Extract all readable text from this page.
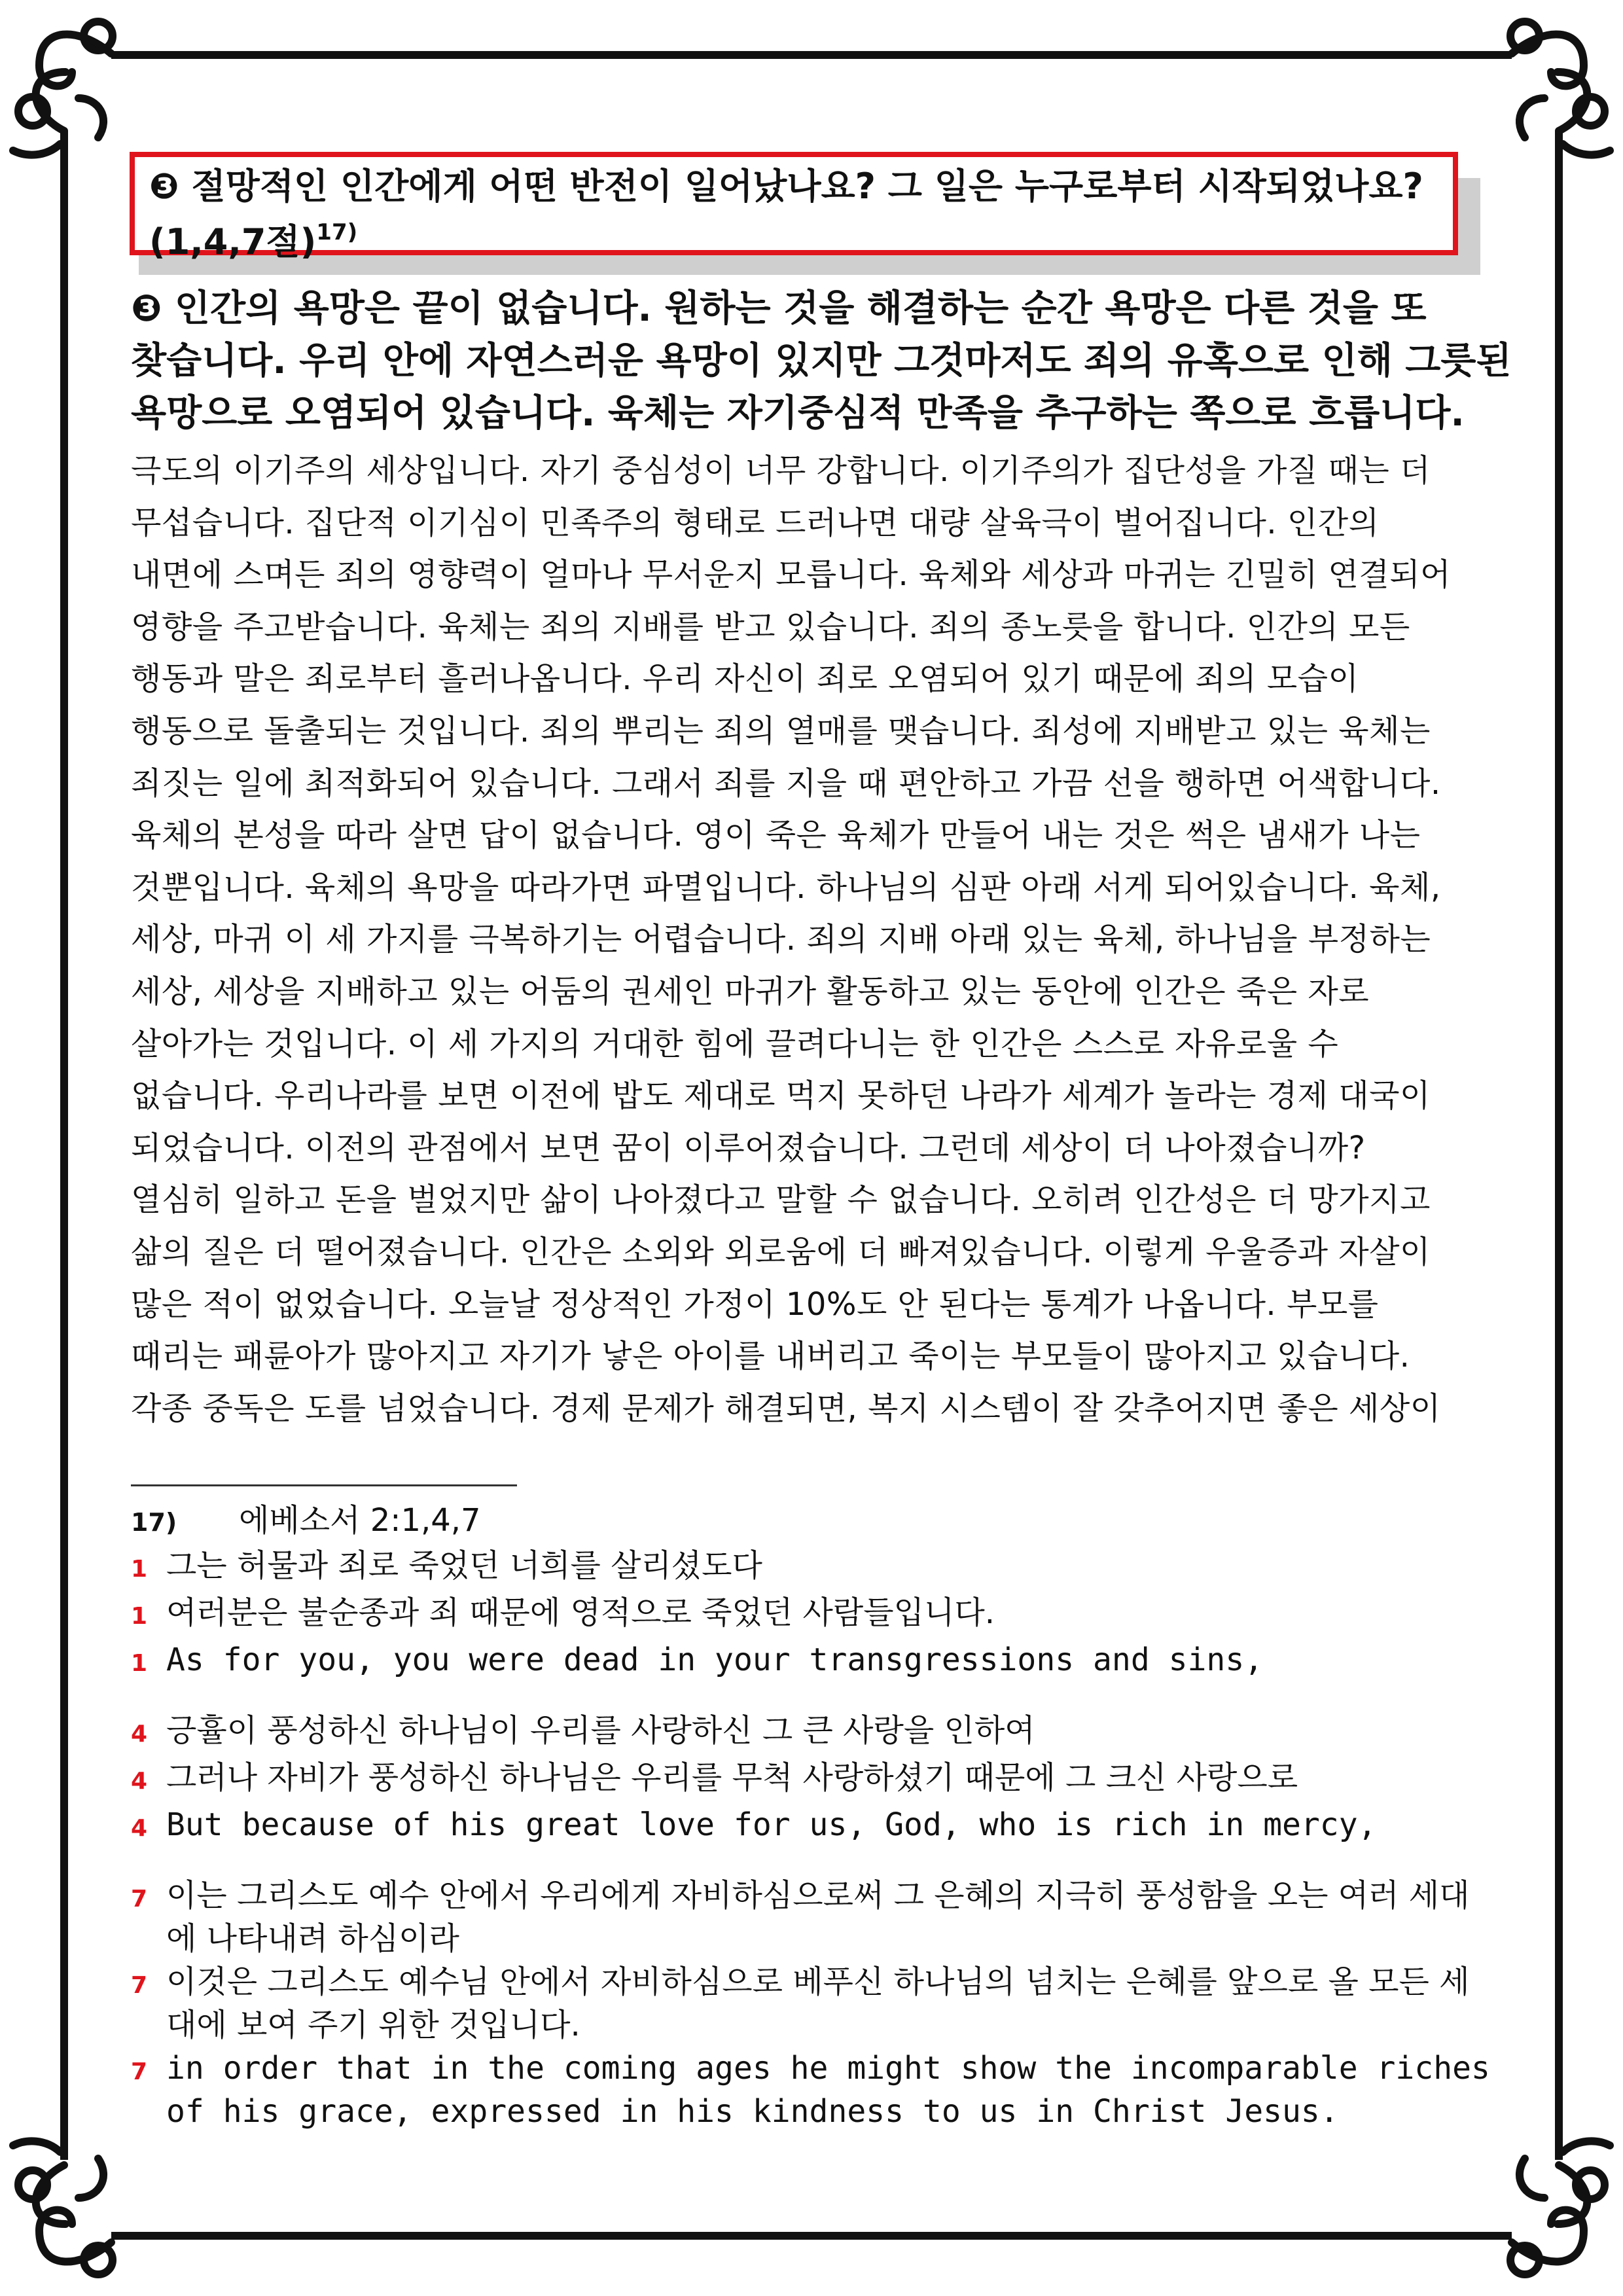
❸ 절망적인 인간에게 어떤 반전이 일어났나요? 그 일은 누구로부터 시작되었나요?
(1,4,7절)$^{17)}$
❸ 인간의 욕망은 끝이 없습니다. 원하는 것을 해결하는 순간 욕망은 다른 것을 또
찾습니다. 우리 안에 자연스러운 욕망이 있지만 그것마저도 죄의 유혹으로 인해 그릇된
욕망으로 오염되어 있습니다. 육체는 자기중심적 만족을 추구하는 쪽으로 흐릅니다.
극도의 이기주의 세상입니다. 자기 중심성이 너무 강합니다. 이기주의가 집단성을 가질 때는 더
무섭습니다. 집단적 이기심이 민족주의 형태로 드러나면 대량 살육극이 벌어집니다. 인간의
내면에 스며든 죄의 영향력이 얼마나 무서운지 모릅니다. 육체와 세상과 마귀는 긴밀히 연결되어
영향을 주고받습니다. 육체는 죄의 지배를 받고 있습니다. 죄의 종노릇을 합니다. 인간의 모든
행동과 말은 죄로부터 흘러나옵니다. 우리 자신이 죄로 오염되어 있기 때문에 죄의 모습이
행동으로 돌출되는 것입니다. 죄의 뿌리는 죄의 열매를 맺습니다. 죄성에 지배받고 있는 육체는
죄짓는 일에 최적화되어 있습니다. 그래서 죄를 지을 때 편안하고 가끔 선을 행하면 어색합니다.
육체의 본성을 따라 살면 답이 없습니다. 영이 죽은 육체가 만들어 내는 것은 썩은 냄새가 나는
것뿐입니다. 육체의 욕망을 따라가면 파멸입니다. 하나님의 심판 아래 서게 되어있습니다. 육체,
세상, 마귀 이 세 가지를 극복하기는 어렵습니다. 죄의 지배 아래 있는 육체, 하나님을 부정하는
세상, 세상을 지배하고 있는 어둠의 권세인 마귀가 활동하고 있는 동안에 인간은 죽은 자로
살아가는 것입니다. 이 세 가지의 거대한 힘에 끌려다니는 한 인간은 스스로 자유로울 수
없습니다. 우리나라를 보면 이전에 밥도 제대로 먹지 못하던 나라가 세계가 놀라는 경제 대국이
되었습니다. 이전의 관점에서 보면 꿈이 이루어졌습니다. 그런데 세상이 더 나아졌습니까?
열심히 일하고 돈을 벌었지만 삶이 나아졌다고 말할 수 없습니다. 오히려 인간성은 더 망가지고
삶의 질은 더 떨어졌습니다. 인간은 소외와 외로움에 더 빠져있습니다. 이렇게 우울증과 자살이
많은 적이 없었습니다. 오늘날 정상적인 가정이 10%도 안 된다는 통계가 나옵니다. 부모를
때리는 패륜아가 많아지고 자기가 낳은 아이를 내버리고 죽이는 부모들이 많아지고 있습니다.
각종 중독은 도를 넘었습니다. 경제 문제가 해결되면, 복지 시스템이 잘 갖추어지면 좋은 세상이
17) 에베소서 2:1,4,7
1 그는 허물과 죄로 죽었던 너희를 살리셨도다
1 여러분은 불순종과 죄 때문에 영적으로 죽었던 사람들입니다.
1 As for you, you were dead in your transgressions and sins,
4 긍휼이 풍성하신 하나님이 우리를 사랑하신 그 큰 사랑을 인하여
4 그러나 자비가 풍성하신 하나님은 우리를 무척 사랑하셨기 때문에 그 크신 사랑으로
4 But because of his great love for us, God, who is rich in mercy,
7 이는 그리스도 예수 안에서 우리에게 자비하심으로써 그 은혜의 지극히 풍성함을 오는 여러 세대에 나타내려 하심이라
7 이것은 그리스도 예수님 안에서 자비하심으로 베푸신 하나님의 넘치는 은혜를 앞으로 올 모든 세대에 보여 주기 위한 것입니다.
7 in order that in the coming ages he might show the incomparable riches of his grace, expressed in his kindness to us in Christ Jesus.
